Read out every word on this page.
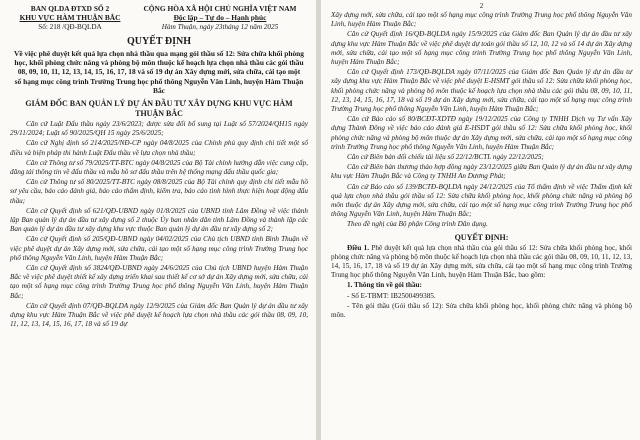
BAN QLDA ĐTXD SỐ 2
KHU VỰC HÀM THUẬN BẮC
Số: 218 /QĐ-BQLDA
CỘNG HÒA XÃ HỘI CHỦ NGHĨA VIỆT NAM
Độc lập – Tự do – Hạnh phúc
Hàm Thuận, ngày 23tháng 12 năm 2025
QUYẾT ĐỊNH
Về việc phê duyệt kết quả lựa chọn nhà thầu qua mạng gói thầu số 12: Sửa chữa khối phòng học, khối phòng chức năng và phòng bộ môn thuộc kế hoạch lựa chọn nhà thầu các gói thầu 08, 09, 10, 11, 12, 13, 14, 15, 16, 17, 18 và số 19 dự án Xây dựng mới, sửa chữa, cải tạo một số hạng mục công trình Trường Trung học phổ thông Nguyễn Văn Linh, huyện Hàm Thuận Bắc
GIÁM ĐỐC BAN QUẢN LÝ DỰ ÁN ĐẦU TƯ XÂY DỰNG KHU VỰC HÀM THUẬN BẮC
Căn cứ Luật Đấu thầu ngày 23/6/2023; được sửa đổi bổ sung tại Luật số 57/2024/QH15 ngày 29/11/2024; Luật số 90/2025/QH 15 ngày 25/6/2025;
Căn cứ Nghị định số 214/2025/NĐ-CP ngày 04/8/2025 của Chính phủ quy định chi tiết một số điều và biện pháp thi hành Luật Đấu thầu về lựa chọn nhà thầu;
Căn cứ Thông tư số 79/2025/TT-BTC ngày 04/8/2025 của Bộ Tài chính hướng dẫn việc cung cấp, đăng tải thông tin về đấu thầu và mẫu hồ sơ đấu thầu trên hệ thống mạng đấu thầu quốc gia;
Căn cứ Thông tư số 80/2025/TT-BTC ngày 08/8/2025 của Bộ Tài chính quy định chi tiết mẫu hồ sơ yêu cầu, báo cáo đánh giá, báo cáo thẩm định, kiểm tra, báo cáo tình hình thực hiện hoạt động đấu thầu;
Căn cứ Quyết định số 621/QĐ-UBND ngày 01/8/2025 của UBND tỉnh Lâm Đồng về việc thành lập Ban quản lý dự án đầu tư xây dựng số 2 thuộc Ủy ban nhân dân tỉnh Lâm Đồng và thành lập các Ban quản lý dự án đầu tư xây dựng khu vực thuộc Ban quản lý dự án đầu tư xây dựng số 2;
Căn cứ Quyết định số 205/QĐ-UBND ngày 04/02/2025 của Chủ tịch UBND tỉnh Bình Thuận về việc phê duyệt dự án Xây dựng mới, sửa chữa, cải tạo một số hạng mục công trình Trường Trung học phổ thông Nguyễn Văn Linh, huyện Hàm Thuận Bắc;
Căn cứ Quyết định số 3824/QĐ-UBND ngày 24/6/2025 của Chủ tịch UBND huyện Hàm Thuận Bắc về việc phê duyệt thiết kế xây dựng triển khai sau thiết kế cơ sở dự án Xây dựng mới, sửa chữa, cải tạo một số hạng mục công trình Trường Trung học phổ thông Nguyễn Văn Linh, huyện Hàm Thuận Bắc;
Căn cứ Quyết định 07/QĐ-BQLDA ngày 12/9/2025 của Giám đốc Ban Quản lý dự án đầu tư xây dựng khu vực Hàm Thuận Bắc về việc phê duyệt kế hoạch lựa chọn nhà thầu các gói thầu 08, 09, 10, 11, 12, 13, 14, 15, 16, 17, 18 và số 19 dự
2
Xây dựng mới, sửa chữa, cải tạo một số hạng mục công trình Trường Trung học phổ thông Nguyễn Văn Linh, huyện Hàm Thuận Bắc;
Căn cứ Quyết định 16/QĐ-BQLDA ngày 15/9/2025 của Giám đốc Ban Quản lý dự án đầu tư xây dựng khu vực Hàm Thuận Bắc về việc phê duyệt dự toán gói thầu số 12, 10, 12 và số 14 dự án Xây dựng mới, sửa chữa, cải tạo một số hạng mục công trình Trường Trung học phổ thông Nguyễn Văn Linh, huyện Hàm Thuận Bắc;
Căn cứ Quyết định 173/QĐ-BQLDA ngày 07/11/2025 của Giám đốc Ban Quản lý dự án đầu tư xây dựng khu vực Hàm Thuận Bắc về việc phê duyệt E-HSMT gói thầu số 12: Sửa chữa khối phòng học, khối phòng chức năng và phòng bộ môn thuộc kế hoạch lựa chọn nhà thầu các gói thầu 08, 09, 10, 11, 12, 13, 14, 15, 16, 17, 18 và số 19 dự án Xây dựng mới, sửa chữa, cải tạo một số hạng mục công trình Trường Trung học phổ thông Nguyễn Văn Linh, huyện Hàm Thuận Bắc;
Căn cứ Báo cáo số 80/BCĐT-XDTĐ ngày 19/12/2025 của Công ty TNHH Dịch vụ Tư vấn Xây dựng Thành Đông về việc báo cáo đánh giá E-HSDT gói thầu số 12: Sửa chữa khối phòng học, khối phòng chức năng và phòng bộ môn thuộc dự án Xây dựng mới, sửa chữa, cải tạo một số hạng mục công trình Trường Trung học phổ thông Nguyễn Văn Linh, huyện Hàm Thuận Bắc;
Căn cứ Biên bản đối chiếu tài liệu số 22/12/BCTL ngày 22/12/2025;
Căn cứ Biên bản thương thảo hợp đồng ngày 23/12/2025 giữa Ban Quản lý dự án đầu tư xây dựng khu vực Hàm Thuận Bắc và Công ty TNHH An Dương Phát;
Căn cứ Báo cáo số 139/BCTĐ-BQLDA ngày 24/12/2025 của Tổ thẩm định về việc Thẩm định kết quả lựa chọn nhà thầu gói thầu số 12: Sửa chữa khối phòng học, khối phòng chức năng và phòng bộ môn thuộc dự án Xây dựng mới, sửa chữa, cải tạo một số hạng mục công trình Trường Trung học phổ thông Nguyễn Văn Linh, huyện Hàm Thuận Bắc;
Theo đề nghị của Bộ phận Công trình Dân dụng.
QUYẾT ĐỊNH:
Điều 1. Phê duyệt kết quả lựa chọn nhà thầu của gói thầu số 12: Sửa chữa khối phòng học, khối phòng chức năng và phòng bộ môn thuộc kế hoạch lựa chọn nhà thầu các gói thầu 08, 09, 10, 11, 12, 13, 14, 15, 16, 17, 18 và số 19 dự án Xây dựng mới, sửa chữa, cải tạo một số hạng mục công trình Trường Trung học phổ thông Nguyễn Văn Linh, huyện Hàm Thuận Bắc, bao gồm:
1. Thông tin về gói thầu:
- Số E-TBMT: IB2500499385.
- Tên gói thầu (Gói thầu số 12): Sửa chữa khối phòng học, khối phòng chức năng và phòng bộ môn.
